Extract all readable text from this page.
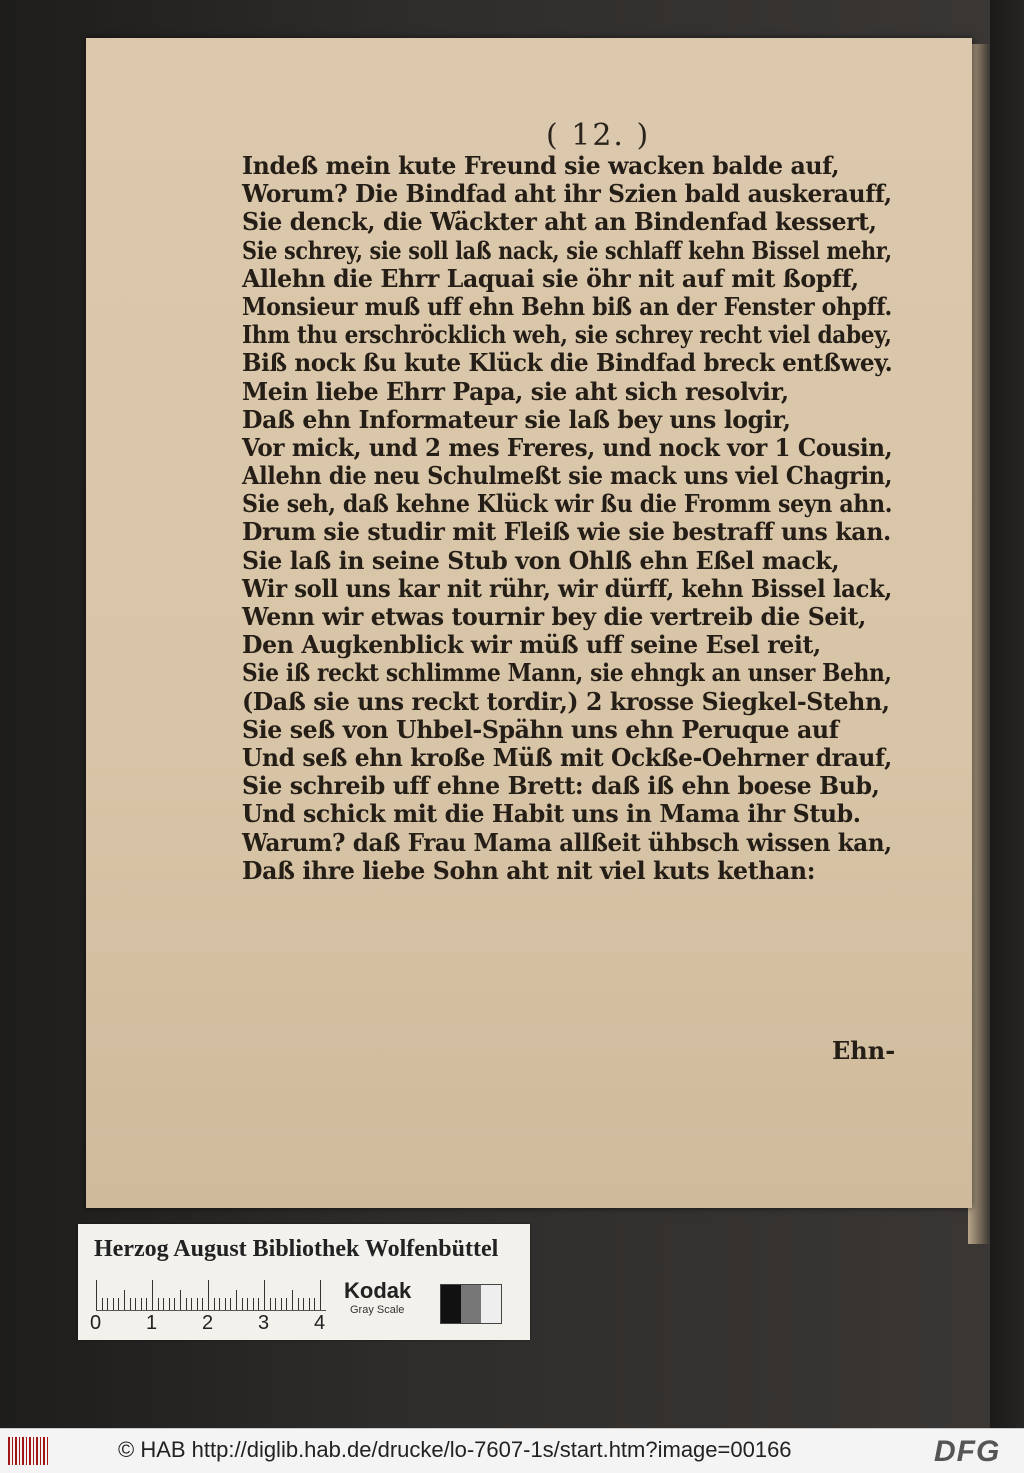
( 12. )
Indeß mein kute Freund sie wacken balde auf,
Worum? Die Bindfad aht ihr Szien bald auskerauff,
Sie denck, die Wäckter aht an Bindenfad kessert,
Sie schrey, sie soll laß nack, sie schlaff kehn Bissel mehr,
Allehn die Ehrr Laquai sie öhr nit auf mit ßopff,
Monsieur muß uff ehn Behn biß an der Fenster ohpff.
Ihm thu erschröcklich weh, sie schrey recht viel dabey,
Biß nock ßu kute Klück die Bindfad breck entßwey.
Mein liebe Ehrr Papa, sie aht sich resolvir,
Daß ehn Informateur sie laß bey uns logir,
Vor mick, und 2 mes Freres, und nock vor 1 Cousin,
Allehn die neu Schulmeßt sie mack uns viel Chagrin,
Sie seh, daß kehne Klück wir ßu die Fromm seyn ahn.
Drum sie studir mit Fleiß wie sie bestraff uns kan.
Sie laß in seine Stub von Ohlß ehn Eßel mack,
Wir soll uns kar nit rühr, wir dürff, kehn Bissel lack,
Wenn wir etwas tournir bey die vertreib die Seit,
Den Augkenblick wir müß uff seine Esel reit,
Sie iß reckt schlimme Mann, sie ehngk an unser Behn,
(Daß sie uns reckt tordir,) 2 krosse Siegkel-Stehn,
Sie seß von Uhbel-Spähn uns ehn Peruque auf
Und seß ehn kroße Müß mit Ockße-Oehrner drauf,
Sie schreib uff ehne Brett: daß iß ehn boese Bub,
Und schick mit die Habit uns in Mama ihr Stub.
Warum? daß Frau Mama allßeit ühbsch wissen kan,
Daß ihre liebe Sohn aht nit viel kuts kethan:
Ehn-
Herzog August Bibliothek Wolfenbüttel
0 1 2 3 4
Kodak
Gray Scale
© HAB http://diglib.hab.de/drucke/lo-7607-1s/start.htm?image=00166	DFG
